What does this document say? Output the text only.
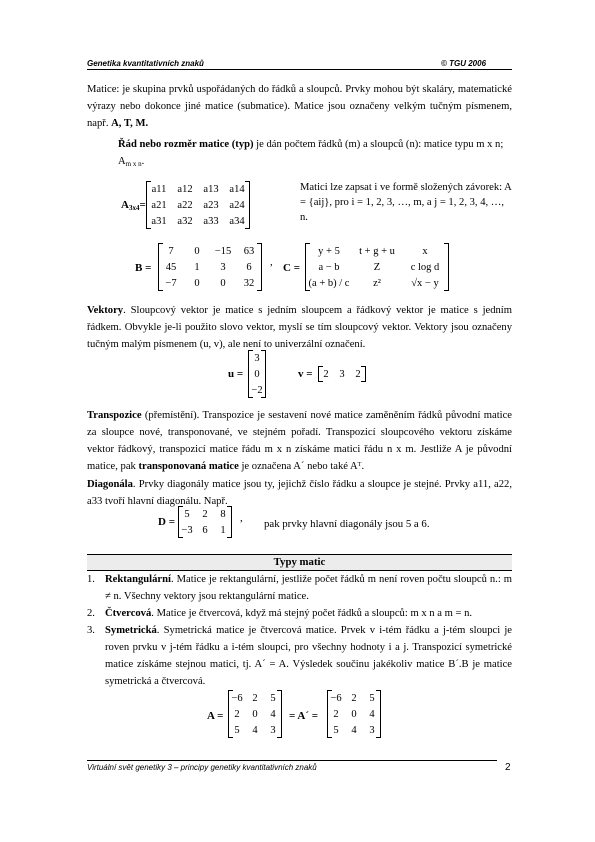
Genetika kvantitativních znaků	© TGU 2006

Matice: je skupina prvků uspořádaných do řádků a sloupců. Prvky mohou být skaláry, matematické výrazy nebo dokonce jiné matice (submatice). Matice jsou označeny velkým tučným písmenem, např. A, T, M.

Řád nebo rozměr matice (typ) je dán počtem řádků (m) a sloupců (n): matice typu m x n; $A_{m x n}$.

$A_{3x4}=$
a11	a12	a13	a14
a21	a22	a23	a24
a31	a32	a33	a34

Matici lze zapsat i ve formě složených závorek: A = {aij}, pro i = 1, 2, 3, …, m, a j = 1, 2, 3, 4, …, n.

B =
7	0	−15	63
45	1	3	6
−7	0	0	32
, C =
y + 5	t + g + u	x
a − b	Z	c log d
(a + b) / c	z²	√x − y

Vektory. Sloupcový vektor je matice s jedním sloupcem a řádkový vektor je matice s jedním řádkem. Obvykle je-li použito slovo vektor, myslí se tím sloupcový vektor. Vektory jsou označeny tučným malým písmenem (u, v), ale není to univerzální označení.

u =
3
0
−2
v = 2	3	2

Transpozice (přemístění). Transpozice je sestavení nové matice zaměněním řádků původní matice za sloupce nové, transponované, ve stejném pořadí. Transpozicí sloupcového vektoru získáme vektor řádkový, transpozicí matice řádu m x n získáme matici řádu n x m. Jestliže A je původní matice, pak transponovaná matice je označena A´ nebo také Aᵀ.

Diagonála. Prvky diagonály matice jsou ty, jejichž číslo řádku a sloupce je stejné. Prvky a11, a22, a33 tvoří hlavní diagonálu. Např.

D =
5	2	8
−3	6	1
, pak prvky hlavní diagonály jsou 5 a 6.
Typy matic
1. Rektangulární. Matice je rektangulární, jestliže počet řádků m není roven počtu sloupců n.: m ≠ n. Všechny vektory jsou rektangulární matice.
2. Čtvercová. Matice je čtvercová, když má stejný počet řádků a sloupců: m x n a m = n.
3. Symetrická. Symetrická matice je čtvercová matice. Prvek v i-tém řádku a j-tém sloupci je roven prvku v j-tém řádku a i-tém sloupci, pro všechny hodnoty i a j. Transpozicí symetrické matice získáme stejnou matici, tj. A´ = A. Výsledek součinu jakékoliv matice B´.B je matice symetrická a čtvercová.
A =
−6	2	5
2	0	4
5	4	3
= A´ =
−6	2	5
2	0	4
5	4	3
Virtuální svět genetiky 3 – principy genetiky kvantitativních znaků	2
